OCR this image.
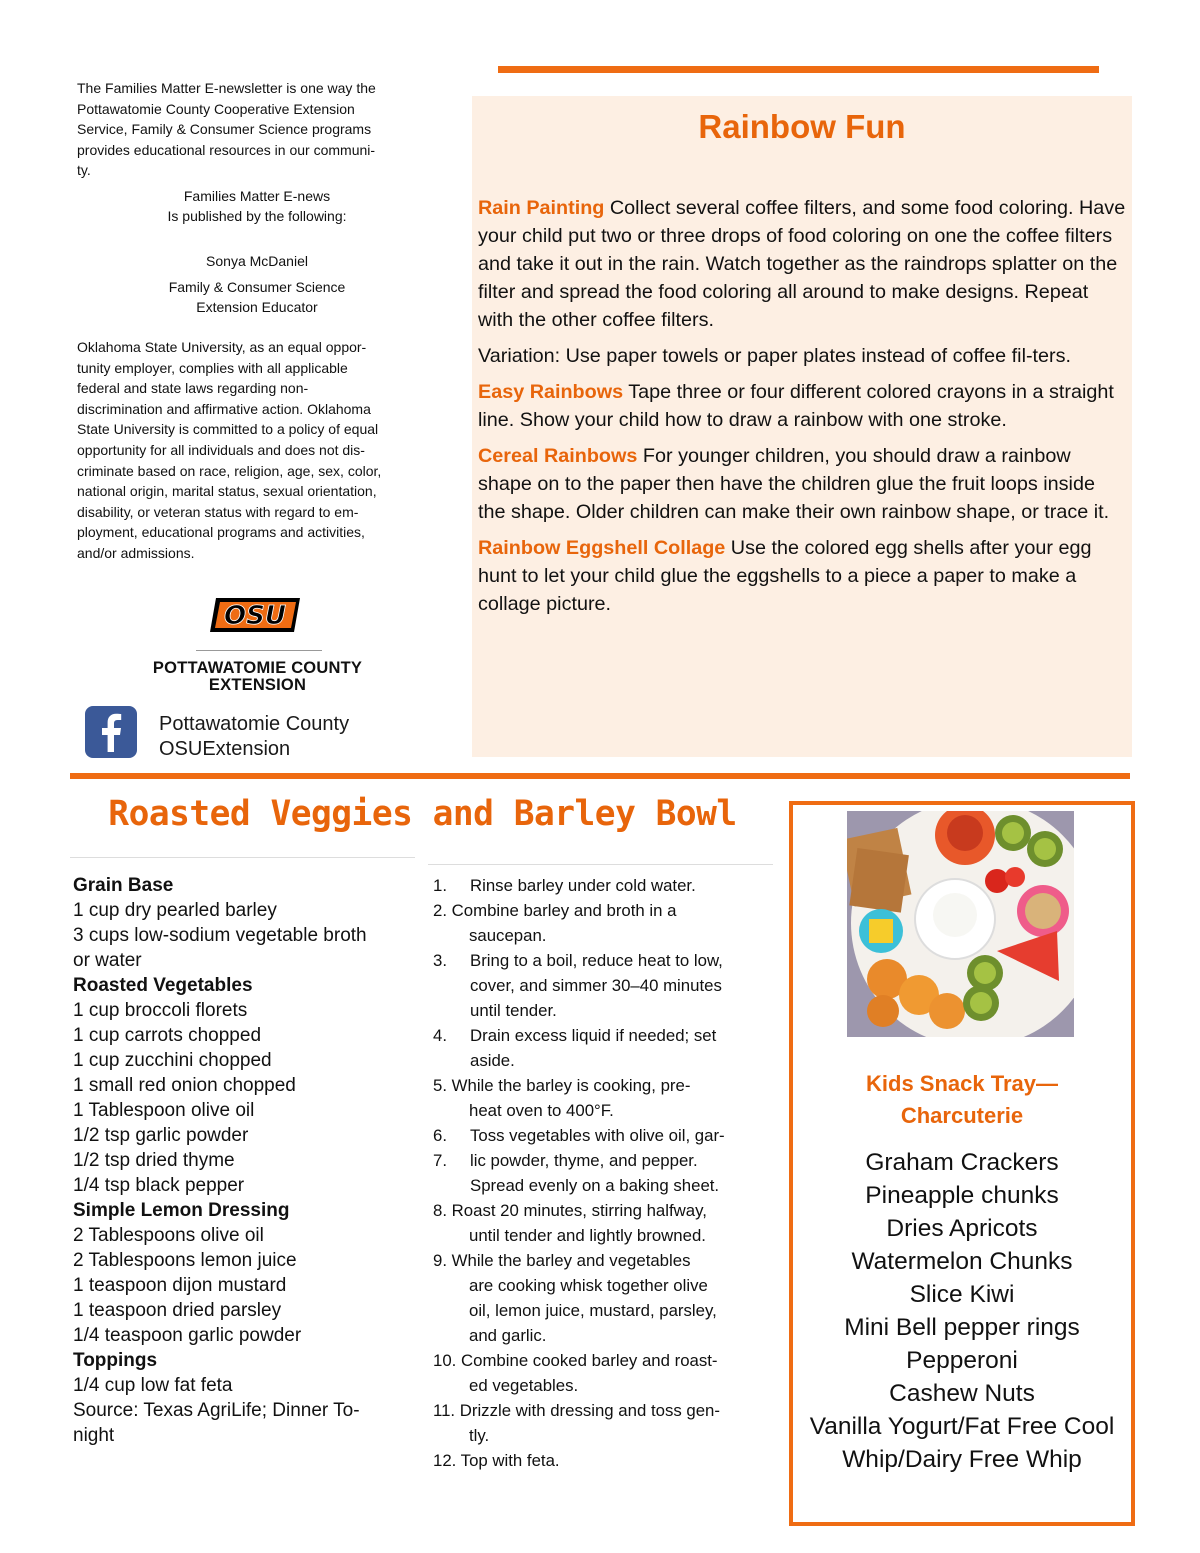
The Families Matter E-newsletter is one way the

Pottawatomie County Cooperative Extension

Service, Family & Consumer Science programs

provides educational resources in our communi-

ty.

Families Matter E-news
Is published by the following:
Sonya McDaniel
Family & Consumer Science
Extension Educator
Oklahoma State University, as an equal oppor-
tunity employer, complies with all applicable
federal and state laws regarding non-
discrimination and affirmative action. Oklahoma
State University is committed to a policy of equal
opportunity for all individuals and does not dis-
criminate based on race, religion, age, sex, color,
national origin, marital status, sexual orientation,
disability, or veteran status with regard to em-
ployment, educational programs and activities,
and/or admissions.
OSU
POTTAWATOMIE COUNTY
EXTENSION
Pottawatomie County
OSUExtension
Rainbow Fun

Rain Painting Collect several coffee filters, and some food coloring. Have your child put two or three drops of food coloring on one the coffee filters and take it out in the rain. Watch together as the raindrops splatter on the filter and spread the food coloring all around to make designs. Repeat with the other coffee filters.

Variation: Use paper towels or paper plates instead of coffee fil-ters.

Easy Rainbows Tape three or four different colored crayons in a straight line. Show your child how to draw a rainbow with one stroke.

Cereal Rainbows For younger children, you should draw a rainbow shape on to the paper then have the children glue the fruit loops inside the shape. Older children can make their own rainbow shape, or trace it.

Rainbow Eggshell Collage Use the colored egg shells after your egg hunt to let your child glue the eggshells to a piece a paper to make a collage picture.

Roasted Veggies and Barley Bowl
Grain Base
1 cup dry pearled barley
3 cups low-sodium vegetable broth
or water
Roasted Vegetables
1 cup broccoli florets
1 cup carrots chopped
1 cup zucchini chopped
1 small red onion chopped
1 Tablespoon olive oil
1/2 tsp garlic powder
1/2 tsp dried thyme
1/4 tsp black pepper
Simple Lemon Dressing
2 Tablespoons olive oil
2 Tablespoons lemon juice
1 teaspoon dijon mustard
1 teaspoon dried parsley
1/4 teaspoon garlic powder
Toppings
1/4 cup low fat feta
Source: Texas AgriLife; Dinner To-
night
1.	Rinse barley under cold water.
2. Combine barley and broth in a
saucepan.
3.	Bring to a boil, reduce heat to low,
cover, and simmer 30–40 minutes
until tender.
4.	Drain excess liquid if needed; set
aside.
5. While the barley is cooking, pre-
heat oven to 400°F.
6.	Toss vegetables with olive oil, gar-
7.	lic powder, thyme, and pepper.
Spread evenly on a baking sheet.
8. Roast 20 minutes, stirring halfway,
until tender and lightly browned.
9. While the barley and vegetables
are cooking whisk together olive
oil, lemon juice, mustard, parsley,
and garlic.
10. Combine cooked barley and roast-
ed vegetables.
11. Drizzle with dressing and toss gen-
tly.
12. Top with feta.
Kids Snack Tray—
Charcuterie
Graham Crackers
Pineapple chunks
Dries Apricots
Watermelon Chunks
Slice Kiwi
Mini Bell pepper rings
Pepperoni
Cashew Nuts
Vanilla Yogurt/Fat Free Cool
Whip/Dairy Free Whip
